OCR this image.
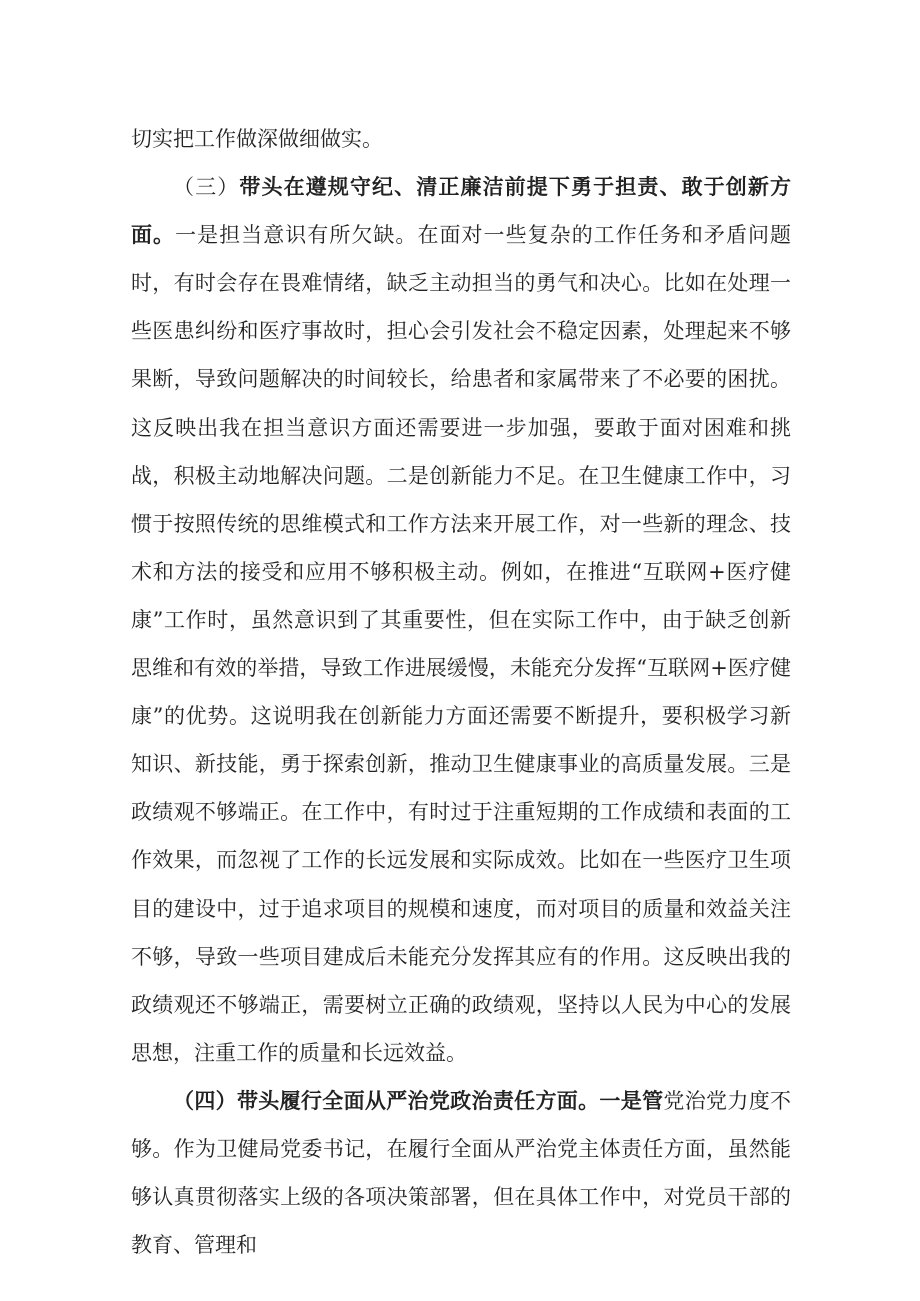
切实把工作做深做细做实。

（三）带头在遵规守纪、清正廉洁前提下勇于担责、敢于创新方面。一是担当意识有所欠缺。在面对一些复杂的工作任务和矛盾问题时，有时会存在畏难情绪，缺乏主动担当的勇气和决心。比如在处理一些医患纠纷和医疗事故时，担心会引发社会不稳定因素，处理起来不够果断，导致问题解决的时间较长，给患者和家属带来了不必要的困扰。这反映出我在担当意识方面还需要进一步加强，要敢于面对困难和挑战，积极主动地解决问题。二是创新能力不足。在卫生健康工作中，习惯于按照传统的思维模式和工作方法来开展工作，对一些新的理念、技术和方法的接受和应用不够积极主动。例如，在推进“互联网+医疗健康”工作时，虽然意识到了其重要性，但在实际工作中，由于缺乏创新思维和有效的举措，导致工作进展缓慢，未能充分发挥“互联网+医疗健康”的优势。这说明我在创新能力方面还需要不断提升，要积极学习新知识、新技能，勇于探索创新，推动卫生健康事业的高质量发展。三是政绩观不够端正。在工作中，有时过于注重短期的工作成绩和表面的工作效果，而忽视了工作的长远发展和实际成效。比如在一些医疗卫生项目的建设中，过于追求项目的规模和速度，而对项目的质量和效益关注不够，导致一些项目建成后未能充分发挥其应有的作用。这反映出我的政绩观还不够端正，需要树立正确的政绩观，坚持以人民为中心的发展思想，注重工作的质量和长远效益。

（四）带头履行全面从严治党政治责任方面。一是管党治党力度不够。作为卫健局党委书记，在履行全面从严治党主体责任方面，虽然能够认真贯彻落实上级的各项决策部署，但在具体工作中，对党员干部的教育、管理和
